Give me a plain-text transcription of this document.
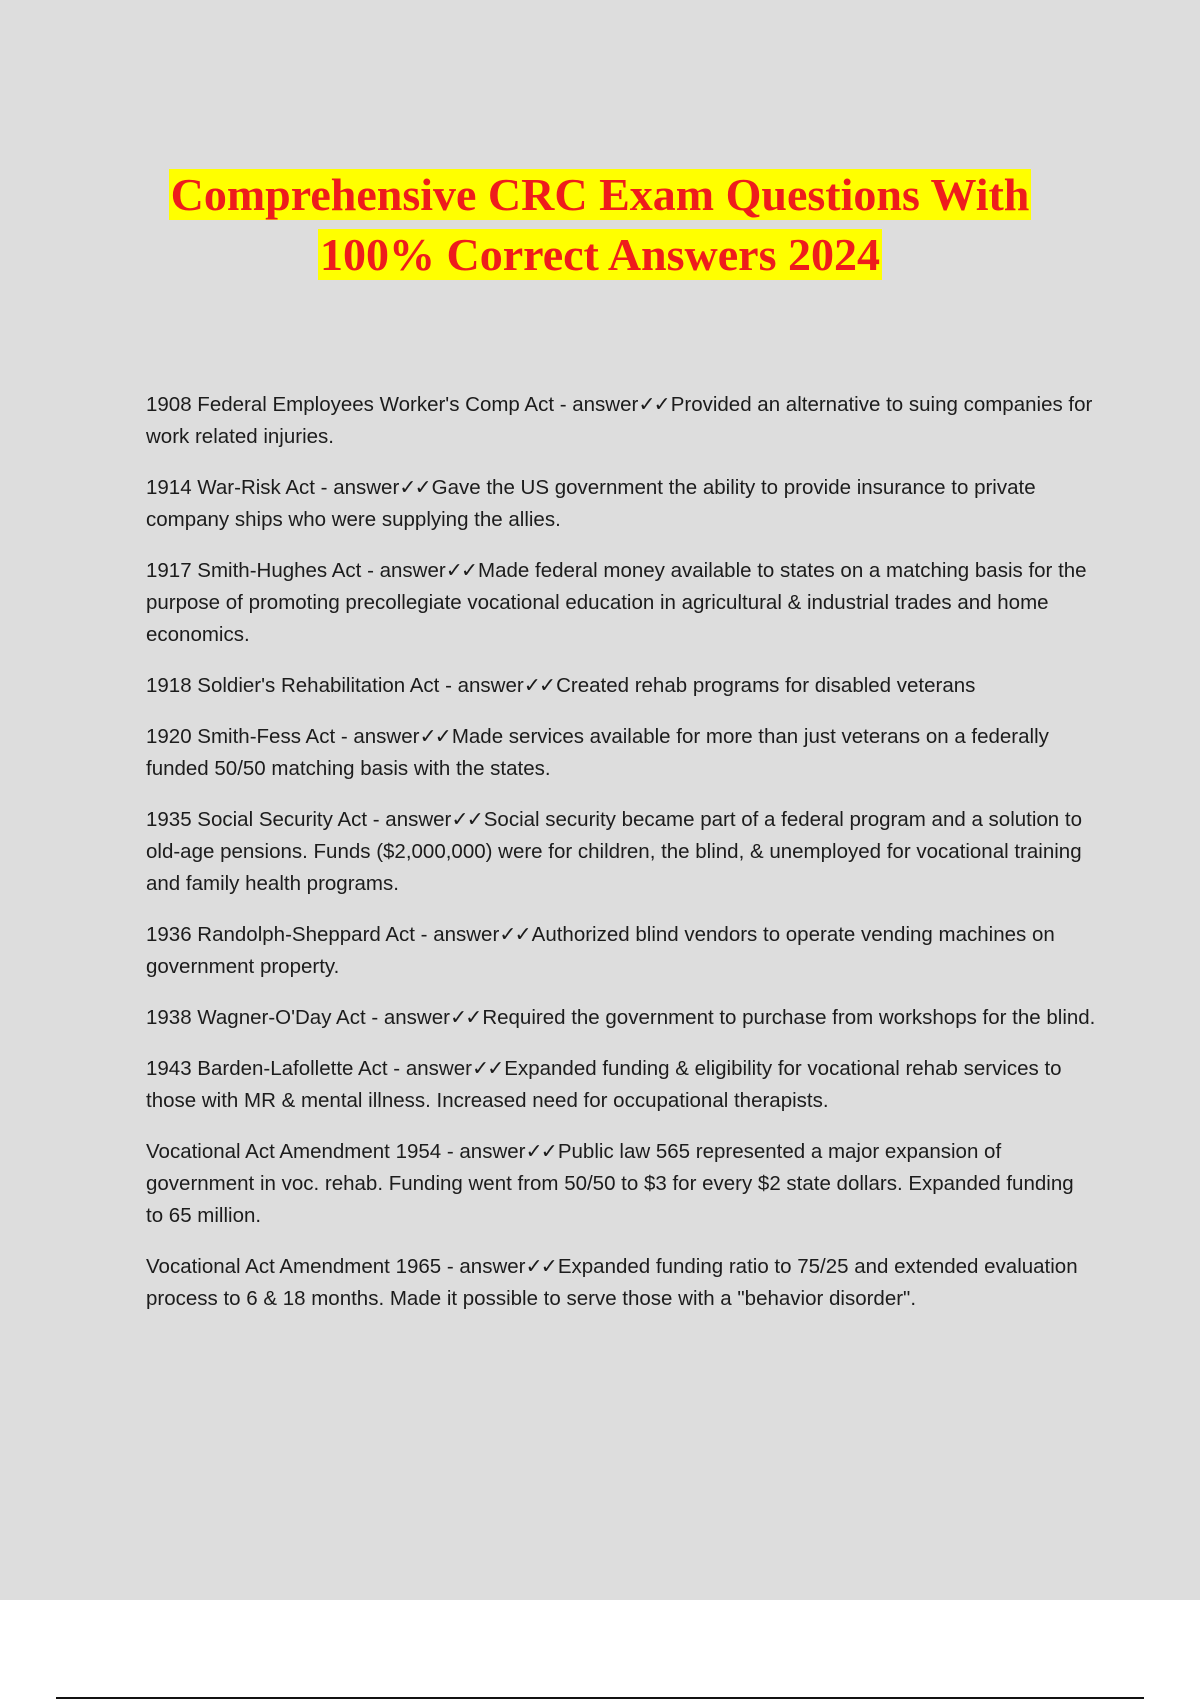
Comprehensive CRC Exam Questions With
100% Correct Answers 2024

1908 Federal Employees Worker's Comp Act - answer✓✓Provided an alternative to suing companies for work related injuries.

1914 War-Risk Act - answer✓✓Gave the US government the ability to provide insurance to private company ships who were supplying the allies.

1917 Smith-Hughes Act - answer✓✓Made federal money available to states on a matching basis for the purpose of promoting precollegiate vocational education in agricultural & industrial trades and home economics.

1918 Soldier's Rehabilitation Act - answer✓✓Created rehab programs for disabled veterans

1920 Smith-Fess Act - answer✓✓Made services available for more than just veterans on a federally funded 50/50 matching basis with the states.

1935 Social Security Act - answer✓✓Social security became part of a federal program and a solution to old-age pensions. Funds ($2,000,000) were for children, the blind, & unemployed for vocational training and family health programs.

1936 Randolph-Sheppard Act - answer✓✓Authorized blind vendors to operate vending machines on government property.

1938 Wagner-O'Day Act - answer✓✓Required the government to purchase from workshops for the blind.

1943 Barden-Lafollette Act - answer✓✓Expanded funding & eligibility for vocational rehab services to those with MR & mental illness. Increased need for occupational therapists.

Vocational Act Amendment 1954 - answer✓✓Public law 565 represented a major expansion of government in voc. rehab. Funding went from 50/50 to $3 for every $2 state dollars. Expanded funding to 65 million.

Vocational Act Amendment 1965 - answer✓✓Expanded funding ratio to 75/25 and extended evaluation process to 6 & 18 months. Made it possible to serve those with a "behavior disorder".
